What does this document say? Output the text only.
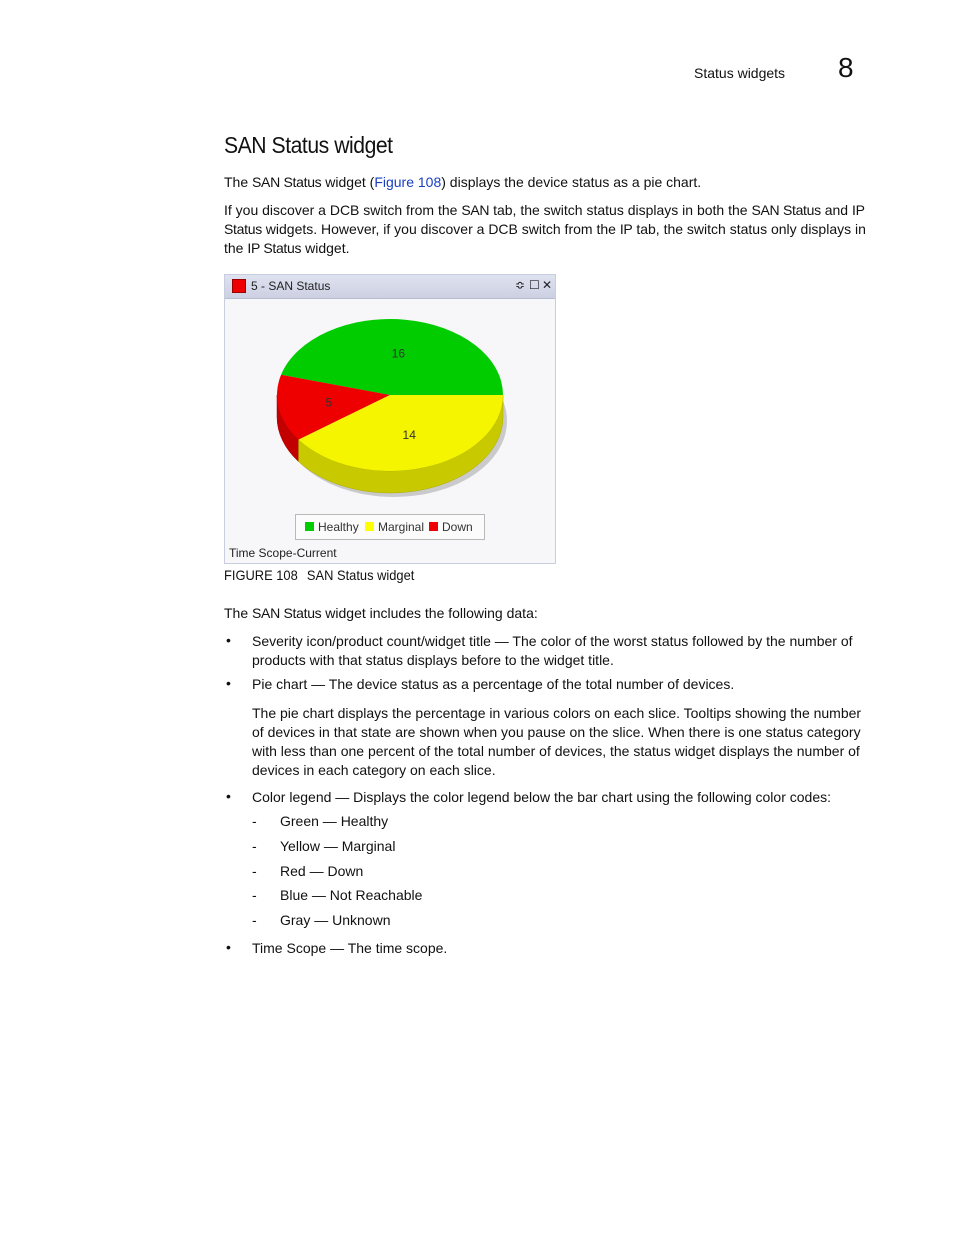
Status widgets 8
SAN Status widget
The SAN Status widget (Figure 108) displays the device status as a pie chart.
If you discover a DCB switch from the SAN tab, the switch status displays in both the SAN Status and IP Status widgets. However, if you discover a DCB switch from the IP tab, the switch status only displays in the IP Status widget.
5 - SAN Status	≎ ☐ ✕
16
5
14
Healthy Marginal Down
Time Scope-Current
FIGURE 108 SAN Status widget
The SAN Status widget includes the following data:
• Severity icon/product count/widget title — The color of the worst status followed by the number of products with that status displays before to the widget title.
• Pie chart — The device status as a percentage of the total number of devices.
The pie chart displays the percentage in various colors on each slice. Tooltips showing the number of devices in that state are shown when you pause on the slice. When there is one status category with less than one percent of the total number of devices, the status widget displays the number of devices in each category on each slice.
• Color legend — Displays the color legend below the bar chart using the following color codes:
- Green — Healthy
- Yellow — Marginal
- Red — Down
- Blue — Not Reachable
- Gray — Unknown
• Time Scope — The time scope.
